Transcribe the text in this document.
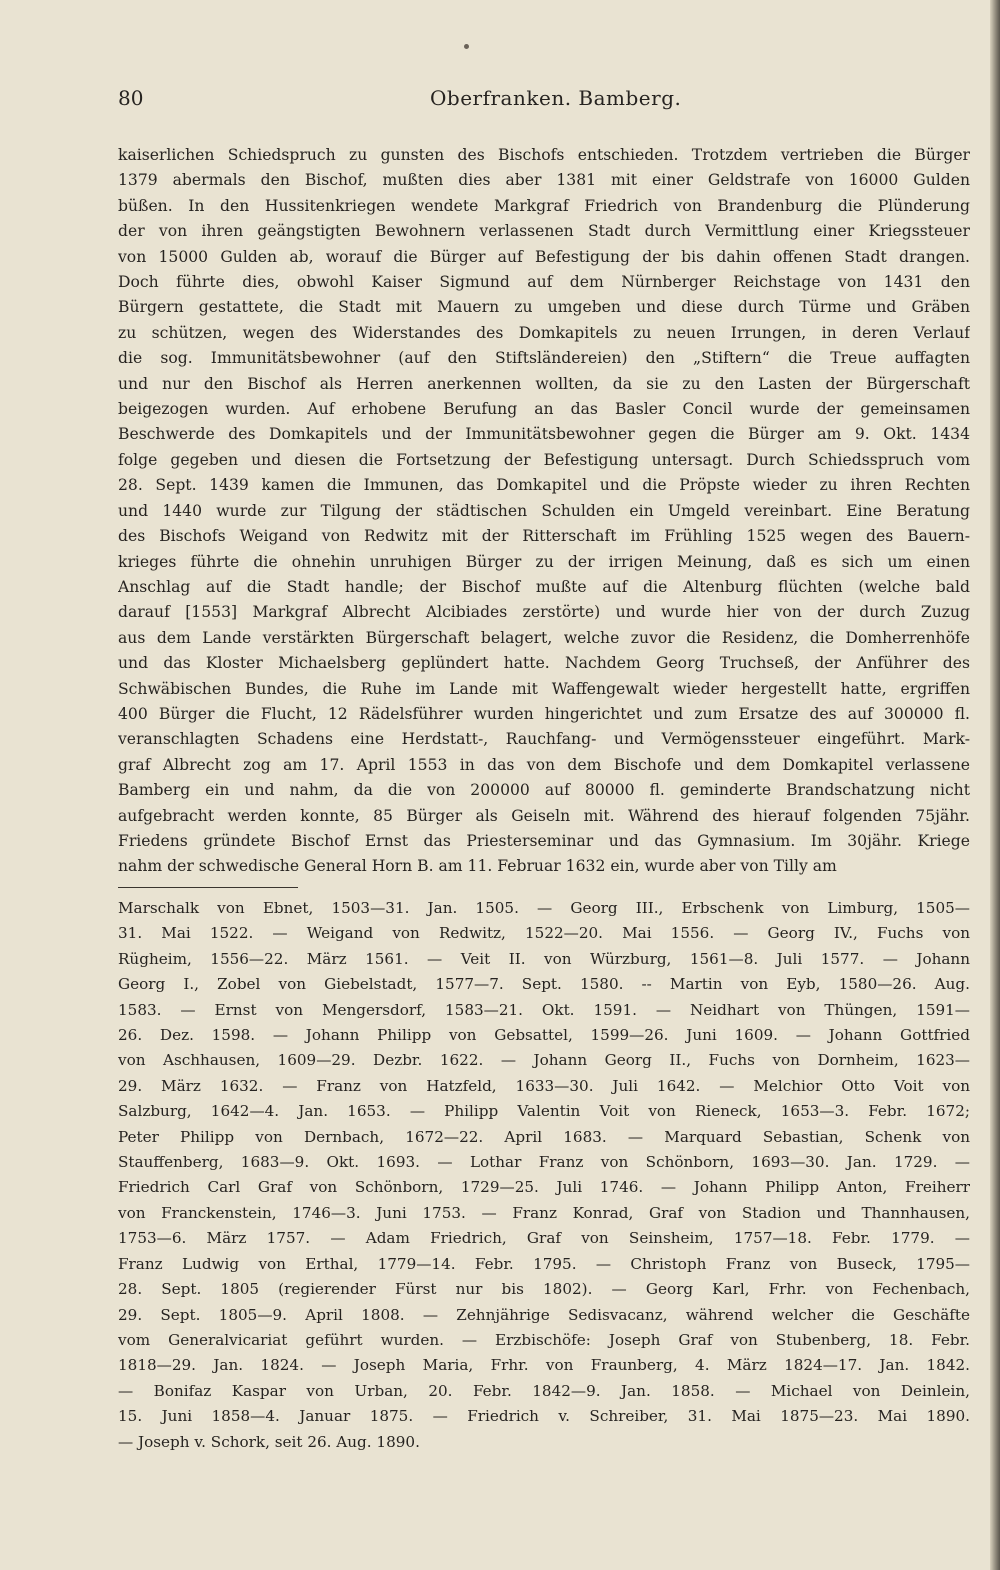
80	Oberfranken. Bamberg.
kaiserlichen Schiedspruch zu gunsten des Bischofs entschieden. Trotzdem vertrieben die Bürger
1379 abermals den Bischof, mußten dies aber 1381 mit einer Geldstrafe von 16000 Gulden
büßen. In den Hussitenkriegen wendete Markgraf Friedrich von Brandenburg die Plünderung
der von ihren geängstigten Bewohnern verlassenen Stadt durch Vermittlung einer Kriegssteuer
von 15000 Gulden ab, worauf die Bürger auf Befestigung der bis dahin offenen Stadt drangen.
Doch führte dies, obwohl Kaiser Sigmund auf dem Nürnberger Reichstage von 1431 den
Bürgern gestattete, die Stadt mit Mauern zu umgeben und diese durch Türme und Gräben
zu schützen, wegen des Widerstandes des Domkapitels zu neuen Irrungen, in deren Verlauf
die sog. Immunitätsbewohner (auf den Stiftsländereien) den „Stiftern“ die Treue auffagten
und nur den Bischof als Herren anerkennen wollten, da sie zu den Lasten der Bürgerschaft
beigezogen wurden. Auf erhobene Berufung an das Basler Concil wurde der gemeinsamen
Beschwerde des Domkapitels und der Immunitätsbewohner gegen die Bürger am 9. Okt. 1434
folge gegeben und diesen die Fortsetzung der Befestigung untersagt. Durch Schiedsspruch vom
28. Sept. 1439 kamen die Immunen, das Domkapitel und die Pröpste wieder zu ihren Rechten
und 1440 wurde zur Tilgung der städtischen Schulden ein Umgeld vereinbart. Eine Beratung
des Bischofs Weigand von Redwitz mit der Ritterschaft im Frühling 1525 wegen des Bauern-
krieges führte die ohnehin unruhigen Bürger zu der irrigen Meinung, daß es sich um einen
Anschlag auf die Stadt handle; der Bischof mußte auf die Altenburg flüchten (welche bald
darauf [1553] Markgraf Albrecht Alcibiades zerstörte) und wurde hier von der durch Zuzug
aus dem Lande verstärkten Bürgerschaft belagert, welche zuvor die Residenz, die Domherrenhöfe
und das Kloster Michaelsberg geplündert hatte. Nachdem Georg Truchseß, der Anführer des
Schwäbischen Bundes, die Ruhe im Lande mit Waffengewalt wieder hergestellt hatte, ergriffen
400 Bürger die Flucht, 12 Rädelsführer wurden hingerichtet und zum Ersatze des auf 300000 fl.
veranschlagten Schadens eine Herdstatt-, Rauchfang- und Vermögenssteuer eingeführt. Mark-
graf Albrecht zog am 17. April 1553 in das von dem Bischofe und dem Domkapitel verlassene
Bamberg ein und nahm, da die von 200000 auf 80000 fl. geminderte Brandschatzung nicht
aufgebracht werden konnte, 85 Bürger als Geiseln mit. Während des hierauf folgenden 75jähr.
Friedens gründete Bischof Ernst das Priesterseminar und das Gymnasium. Im 30jähr. Kriege
nahm der schwedische General Horn B. am 11. Februar 1632 ein, wurde aber von Tilly am
Marschalk von Ebnet, 1503—31. Jan. 1505. — Georg III., Erbschenk von Limburg, 1505—
31. Mai 1522. — Weigand von Redwitz, 1522—20. Mai 1556. — Georg IV., Fuchs von
Rügheim, 1556—22. März 1561. — Veit II. von Würzburg, 1561—8. Juli 1577. — Johann
Georg I., Zobel von Giebelstadt, 1577—7. Sept. 1580. -- Martin von Eyb, 1580—26. Aug.
1583. — Ernst von Mengersdorf, 1583—21. Okt. 1591. — Neidhart von Thüngen, 1591—
26. Dez. 1598. — Johann Philipp von Gebsattel, 1599—26. Juni 1609. — Johann Gottfried
von Aschhausen, 1609—29. Dezbr. 1622. — Johann Georg II., Fuchs von Dornheim, 1623—
29. März 1632. — Franz von Hatzfeld, 1633—30. Juli 1642. — Melchior Otto Voit von
Salzburg, 1642—4. Jan. 1653. — Philipp Valentin Voit von Rieneck, 1653—3. Febr. 1672;
Peter Philipp von Dernbach, 1672—22. April 1683. — Marquard Sebastian, Schenk von
Stauffenberg, 1683—9. Okt. 1693. — Lothar Franz von Schönborn, 1693—30. Jan. 1729. —
Friedrich Carl Graf von Schönborn, 1729—25. Juli 1746. — Johann Philipp Anton, Freiherr
von Franckenstein, 1746—3. Juni 1753. — Franz Konrad, Graf von Stadion und Thannhausen,
1753—6. März 1757. — Adam Friedrich, Graf von Seinsheim, 1757—18. Febr. 1779. —
Franz Ludwig von Erthal, 1779—14. Febr. 1795. — Christoph Franz von Buseck, 1795—
28. Sept. 1805 (regierender Fürst nur bis 1802). — Georg Karl, Frhr. von Fechenbach,
29. Sept. 1805—9. April 1808. — Zehnjährige Sedisvacanz, während welcher die Geschäfte
vom Generalvicariat geführt wurden. — Erzbischöfe: Joseph Graf von Stubenberg, 18. Febr.
1818—29. Jan. 1824. — Joseph Maria, Frhr. von Fraunberg, 4. März 1824—17. Jan. 1842.
— Bonifaz Kaspar von Urban, 20. Febr. 1842—9. Jan. 1858. — Michael von Deinlein,
15. Juni 1858—4. Januar 1875. — Friedrich v. Schreiber, 31. Mai 1875—23. Mai 1890.
— Joseph v. Schork, seit 26. Aug. 1890.
